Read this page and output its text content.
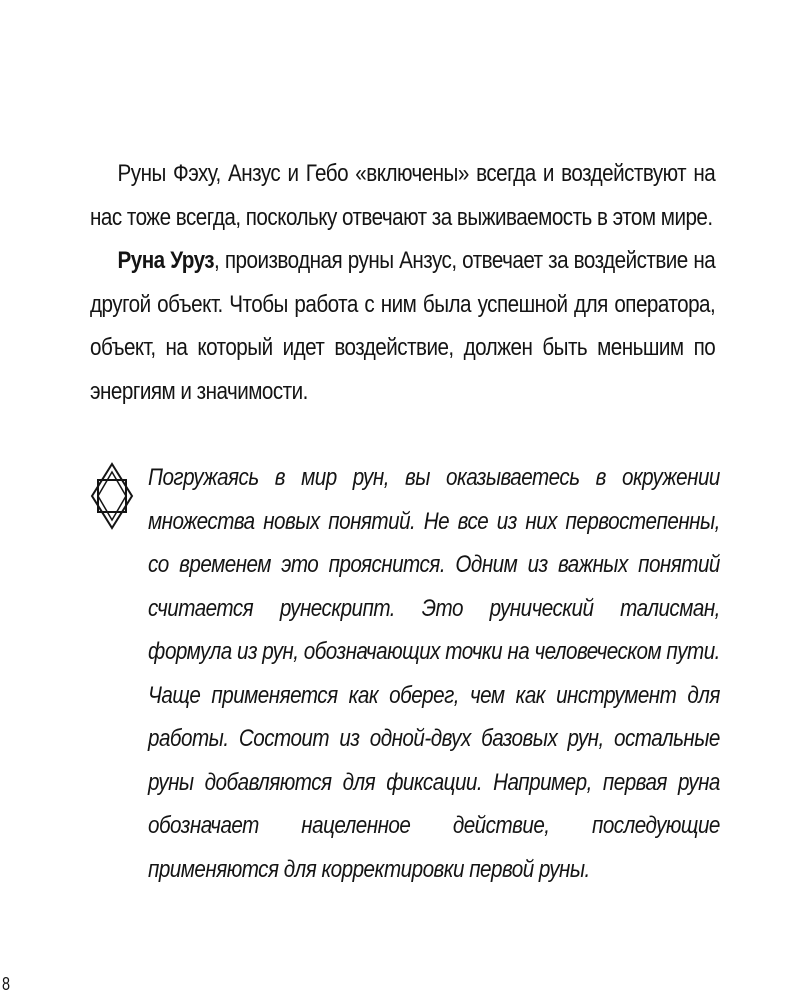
Руны Фэху, Анзус и Гебо «включены» всегда и воздействуют на нас тоже всегда, поскольку отвечают за выживаемость в этом мире.

Руна Уруз, производная руны Анзус, отвечает за воздействие на другой объект. Чтобы работа с ним была успешной для оператора, объект, на который идет воздействие, должен быть меньшим по энергиям и значимости.

Погружаясь в мир рун, вы оказываетесь в окружении множества новых понятий. Не все из них первостепенны, со временем это прояснится. Одним из важных понятий считается рунескрипт. Это рунический талисман, формула из рун, обозначающих точки на человеческом пути. Чаще применяется как оберег, чем как инструмент для работы. Состоит из одной-двух базовых рун, остальные руны добавляются для фиксации. Например, первая руна обозначает нацеленное действие, последующие применяются для корректировки первой руны.

8
